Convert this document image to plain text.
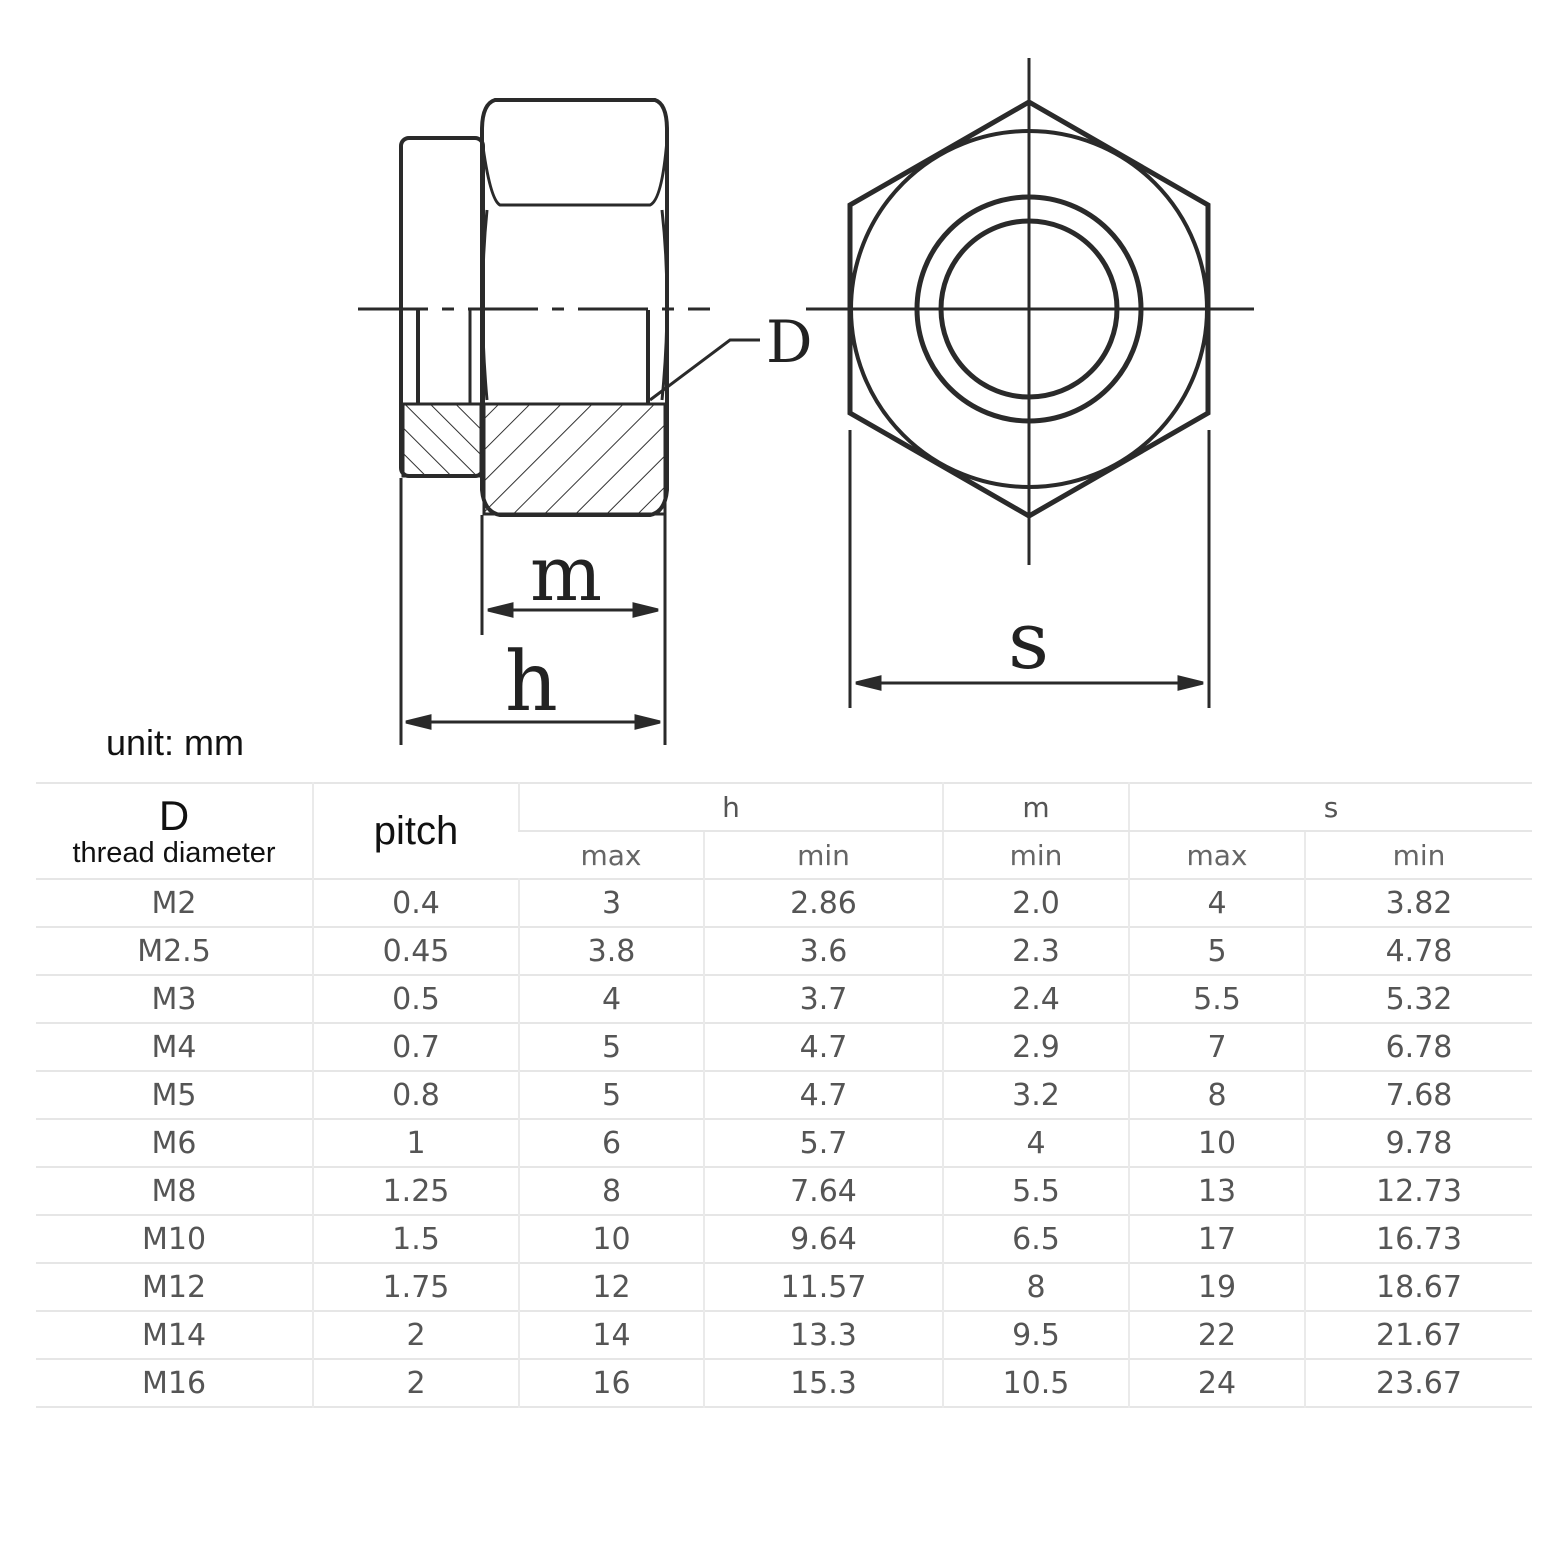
D
m
h	s
unit: mm
D
thread diameter	pitch	h		m	s	
		max	min	min	max	min
M2	0.4	3	2.86	2.0	4	3.82
M2.5	0.45	3.8	3.6	2.3	5	4.78
M3	0.5	4	3.7	2.4	5.5	5.32
M4	0.7	5	4.7	2.9	7	6.78
M5	0.8	5	4.7	3.2	8	7.68
M6	1	6	5.7	4	10	9.78
M8	1.25	8	7.64	5.5	13	12.73
M10	1.5	10	9.64	6.5	17	16.73
M12	1.75	12	11.57	8	19	18.67
M14	2	14	13.3	9.5	22	21.67
M16	2	16	15.3	10.5	24	23.67
